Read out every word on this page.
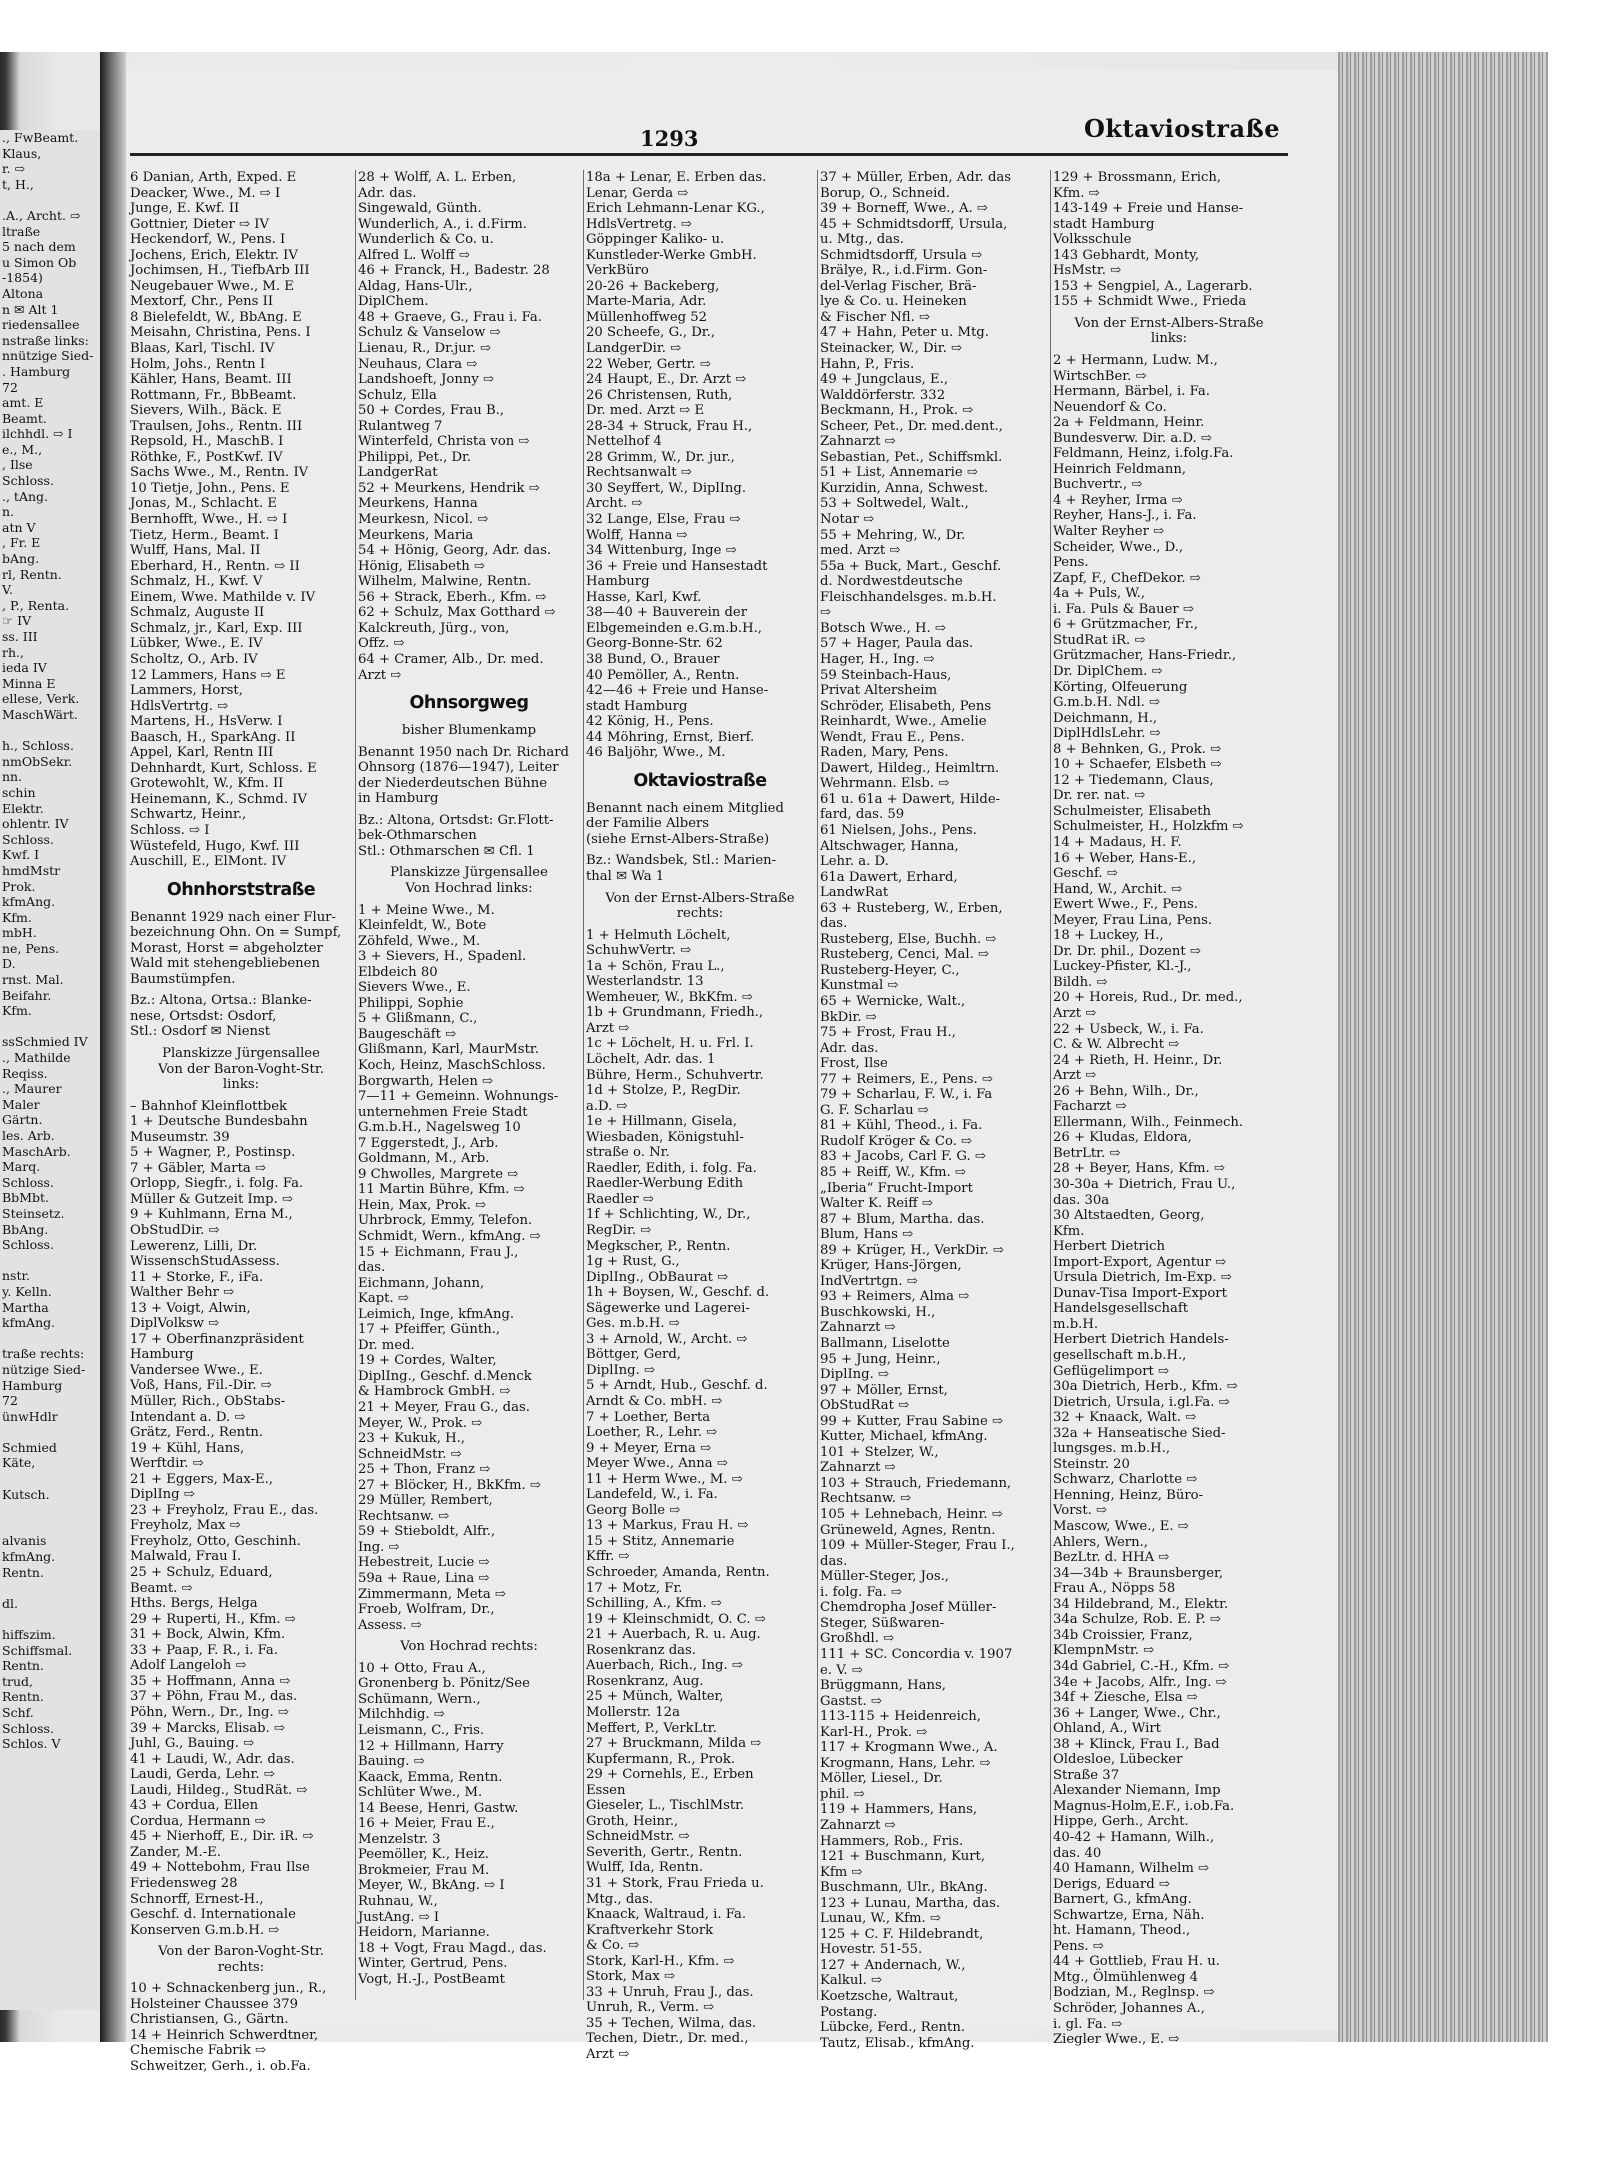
., FwBeamt.
Klaus,
r. ⇨
t, H.,

.A., Archt. ⇨
ltraße
5 nach dem
u Simon Ob
-1854)
Altona
n ✉ Alt 1
riedensallee
nstraße links:
nnützige Sied-
. Hamburg
72
amt. E
Beamt.
ilchhdl. ⇨ I
e., M.,
, Ilse
Schloss.
., tAng.
n.
atn V
, Fr. E
bAng.
rl, Rentn.
V.
, P., Renta.
☞ IV
ss. III
rh.,
ieda IV
Minna E
ellese, Verk.
MaschWärt.

h., Schloss.
nmObSekr.
nn.
schin
Elektr.
ohlentr. IV
Schloss.
Kwf. I
hmdMstr
Prok.
kfmAng.
Kfm.
mbH.
ne, Pens.
D.
rnst. Mal.
Beifahr.
Kfm.

ssSchmied IV
., Mathilde
Reqiss.
., Maurer
Maler
Gärtn.
les. Arb.
MaschArb.
Marq.
Schloss.
BbMbt.
Steinsetz.
BbAng.
Schloss.

nstr.
y. Kelln.
Martha
kfmAng.

traße rechts:
nützige Sied-
Hamburg
72
ünwHdlr

Schmied
Käte,

Kutsch.

alvanis
kfmAng.
Rentn.

dl.

hiffszim.
Schiffsmal.
Rentn.
trud,
Rentn.
Schf.
Schloss.
Schlos. V
1293	Oktaviostraße
6 Danian, Arth, Exped. E
Deacker, Wwe., M. ⇨ I
Junge, E. Kwf. II
Gottnier, Dieter ⇨ IV
Heckendorf, W., Pens. I
Jochens, Erich, Elektr. IV
Jochimsen, H., TiefbArb III
Neugebauer Wwe., M. E
Mextorf, Chr., Pens II
8 Bielefeldt, W., BbAng. E
Meisahn, Christina, Pens. I
Blaas, Karl, Tischl. IV
Holm, Johs., Rentn I
Kähler, Hans, Beamt. III
Rottmann, Fr., BbBeamt.
Sievers, Wilh., Bäck. E
Traulsen, Johs., Rentn. III
Repsold, H., MaschB. I
Röthke, F., PostKwf. IV
Sachs Wwe., M., Rentn. IV
10 Tietje, John., Pens. E
Jonas, M., Schlacht. E
Bernhofft, Wwe., H. ⇨ I
Tietz, Herm., Beamt. I
Wulff, Hans, Mal. II
Eberhard, H., Rentn. ⇨ II
Schmalz, H., Kwf. V
Einem, Wwe. Mathilde v. IV
Schmalz, Auguste II
Schmalz, jr., Karl, Exp. III
Lübker, Wwe., E. IV
Scholtz, O., Arb. IV
12 Lammers, Hans ⇨ E
Lammers, Horst,
HdlsVertrtg. ⇨
Martens, H., HsVerw. I
Baasch, H., SparkAng. II
Appel, Karl, Rentn III
Dehnhardt, Kurt, Schloss. E
Grotewohlt, W., Kfm. II
Heinemann, K., Schmd. IV
Schwartz, Heinr.,
Schloss. ⇨ I
Wüstefeld, Hugo, Kwf. III
Auschill, E., ElMont. IV
Ohnhorststraße
Benannt 1929 nach einer Flur-
bezeichnung Ohn. On = Sumpf,
Morast, Horst = abgeholzter
Wald mit stehengebliebenen
Baumstümpfen.
Bz.: Altona, Ortsa.: Blanke-
nese, Ortsdst: Osdorf,
Stl.: Osdorf ✉ Nienst
Planskizze Jürgensallee
Von der Baron-Voght-Str.
links:
– Bahnhof Kleinflottbek
1 + Deutsche Bundesbahn
Museumstr. 39
5 + Wagner, P., Postinsp.
7 + Gäbler, Marta ⇨
Orlopp, Siegfr., i. folg. Fa.
Müller & Gutzeit Imp. ⇨
9 + Kuhlmann, Erna M.,
ObStudDir. ⇨
Lewerenz, Lilli, Dr.
WissenschStudAssess.
11 + Storke, F., iFa.
Walther Behr ⇨
13 + Voigt, Alwin,
DiplVolksw ⇨
17 + Oberfinanzpräsident
Hamburg
Vandersee Wwe., E.
Voß, Hans, Fil.-Dir. ⇨
Müller, Rich., ObStabs-
Intendant a. D. ⇨
Grätz, Ferd., Rentn.
19 + Kühl, Hans,
Werftdir. ⇨
21 + Eggers, Max-E.,
DiplIng ⇨
23 + Freyholz, Frau E., das.
Freyholz, Max ⇨
Freyholz, Otto, Geschinh.
Malwald, Frau I.
25 + Schulz, Eduard,
Beamt. ⇨
Hths. Bergs, Helga
29 + Ruperti, H., Kfm. ⇨
31 + Bock, Alwin, Kfm.
33 + Paap, F. R., i. Fa.
Adolf Langeloh ⇨
35 + Hoffmann, Anna ⇨
37 + Pöhn, Frau M., das.
Pöhn, Wern., Dr., Ing. ⇨
39 + Marcks, Elisab. ⇨
Juhl, G., Bauing. ⇨
41 + Laudi, W., Adr. das.
Laudi, Gerda, Lehr. ⇨
Laudi, Hildeg., StudRät. ⇨
43 + Cordua, Ellen
Cordua, Hermann ⇨
45 + Nierhoff, E., Dir. iR. ⇨
Zander, M.-E.
49 + Nottebohm, Frau Ilse
Friedensweg 28
Schnorff, Ernest-H.,
Geschf. d. Internationale
Konserven G.m.b.H. ⇨
Von der Baron-Voght-Str.
rechts:
10 + Schnackenberg jun., R.,
Holsteiner Chaussee 379
Christiansen, G., Gärtn.
14 + Heinrich Schwerdtner,
Chemische Fabrik ⇨
Schweitzer, Gerh., i. ob.Fa.
28 + Wolff, A. L. Erben,
Adr. das.
Singewald, Günth.
Wunderlich, A., i. d.Firm.
Wunderlich & Co. u.
Alfred L. Wolff ⇨
46 + Franck, H., Badestr. 28
Aldag, Hans-Ulr.,
DiplChem.
48 + Graeve, G., Frau i. Fa.
Schulz & Vanselow ⇨
Lienau, R., Dr.jur. ⇨
Neuhaus, Clara ⇨
Landshoeft, Jonny ⇨
Schulz, Ella
50 + Cordes, Frau B.,
Rulantweg 7
Winterfeld, Christa von ⇨
Philippi, Pet., Dr.
LandgerRat
52 + Meurkens, Hendrik ⇨
Meurkens, Hanna
Meurkesn, Nicol. ⇨
Meurkens, Maria
54 + Hönig, Georg, Adr. das.
Hönig, Elisabeth ⇨
Wilhelm, Malwine, Rentn.
56 + Strack, Eberh., Kfm. ⇨
62 + Schulz, Max Gotthard ⇨
Kalckreuth, Jürg., von,
Offz. ⇨
64 + Cramer, Alb., Dr. med.
Arzt ⇨
Ohnsorgweg
bisher Blumenkamp
Benannt 1950 nach Dr. Richard
Ohnsorg (1876—1947), Leiter
der Niederdeutschen Bühne
in Hamburg
Bz.: Altona, Ortsdst: Gr.Flott-
bek-Othmarschen
Stl.: Othmarschen ✉ Cfl. 1
Planskizze Jürgensallee
Von Hochrad links:
1 + Meine Wwe., M.
Kleinfeldt, W., Bote
Zöhfeld, Wwe., M.
3 + Sievers, H., Spadenl.
Elbdeich 80
Sievers Wwe., E.
Philippi, Sophie
5 + Glißmann, C.,
Baugeschäft ⇨
Glißmann, Karl, MaurMstr.
Koch, Heinz, MaschSchloss.
Borgwarth, Helen ⇨
7—11 + Gemeinn. Wohnungs-
unternehmen Freie Stadt
G.m.b.H., Nagelsweg 10
7 Eggerstedt, J., Arb.
Goldmann, M., Arb.
9 Chwolles, Margrete ⇨
11 Martin Bühre, Kfm. ⇨
Hein, Max, Prok. ⇨
Uhrbrock, Emmy, Telefon.
Schmidt, Wern., kfmAng. ⇨
15 + Eichmann, Frau J.,
das.
Eichmann, Johann,
Kapt. ⇨
Leimich, Inge, kfmAng.
17 + Pfeiffer, Günth.,
Dr. med.
19 + Cordes, Walter,
DiplIng., Geschf. d.Menck
& Hambrock GmbH. ⇨
21 + Meyer, Frau G., das.
Meyer, W., Prok. ⇨
23 + Kukuk, H.,
SchneidMstr. ⇨
25 + Thon, Franz ⇨
27 + Blöcker, H., BkKfm. ⇨
29 Müller, Rembert,
Rechtsanw. ⇨
59 + Stieboldt, Alfr.,
Ing. ⇨
Hebestreit, Lucie ⇨
59a + Raue, Lina ⇨
Zimmermann, Meta ⇨
Froeb, Wolfram, Dr.,
Assess. ⇨
Von Hochrad rechts:
10 + Otto, Frau A.,
Gronenberg b. Pönitz/See
Schümann, Wern.,
Milchhdig. ⇨
Leismann, C., Fris.
12 + Hillmann, Harry
Bauing. ⇨
Kaack, Emma, Rentn.
Schlüter Wwe., M.
14 Beese, Henri, Gastw.
16 + Meier, Frau E.,
Menzelstr. 3
Peemöller, K., Heiz.
Brokmeier, Frau M.
Meyer, W., BkAng. ⇨ I
Ruhnau, W.,
JustAng. ⇨ I
Heidorn, Marianne.
18 + Vogt, Frau Magd., das.
Winter, Gertrud, Pens.
Vogt, H.-J., PostBeamt
18a + Lenar, E. Erben das.
Lenar, Gerda ⇨
Erich Lehmann-Lenar KG.,
HdlsVertretg. ⇨
Göppinger Kaliko- u.
Kunstleder-Werke GmbH.
VerkBüro
20-26 + Backeberg,
Marte-Maria, Adr.
Müllenhoffweg 52
20 Scheefe, G., Dr.,
LandgerDir. ⇨
22 Weber, Gertr. ⇨
24 Haupt, E., Dr. Arzt ⇨
26 Christensen, Ruth,
Dr. med. Arzt ⇨ E
28-34 + Struck, Frau H.,
Nettelhof 4
28 Grimm, W., Dr. jur.,
Rechtsanwalt ⇨
30 Seyffert, W., DiplIng.
Archt. ⇨
32 Lange, Else, Frau ⇨
Wolff, Hanna ⇨
34 Wittenburg, Inge ⇨
36 + Freie und Hansestadt
Hamburg
Hasse, Karl, Kwf.
38—40 + Bauverein der
Elbgemeinden e.G.m.b.H.,
Georg-Bonne-Str. 62
38 Bund, O., Brauer
40 Pemöller, A., Rentn.
42—46 + Freie und Hanse-
stadt Hamburg
42 König, H., Pens.
44 Möhring, Ernst, Bierf.
46 Baljöhr, Wwe., M.
Oktaviostraße
Benannt nach einem Mitglied
der Familie Albers
(siehe Ernst-Albers-Straße)
Bz.: Wandsbek, Stl.: Marien-
thal ✉ Wa 1
Von der Ernst-Albers-Straße
rechts:
1 + Helmuth Löchelt,
SchuhwVertr. ⇨
1a + Schön, Frau L.,
Westerlandstr. 13
Wemheuer, W., BkKfm. ⇨
1b + Grundmann, Friedh.,
Arzt ⇨
1c + Löchelt, H. u. Frl. I.
Löchelt, Adr. das. 1
Bühre, Herm., Schuhvertr.
1d + Stolze, P., RegDir.
a.D. ⇨
1e + Hillmann, Gisela,
Wiesbaden, Königstuhl-
straße o. Nr.
Raedler, Edith, i. folg. Fa.
Raedler-Werbung Edith
Raedler ⇨
1f + Schlichting, W., Dr.,
RegDir. ⇨
Megkscher, P., Rentn.
1g + Rust, G.,
DiplIng., ObBaurat ⇨
1h + Boysen, W., Geschf. d.
Sägewerke und Lagerei-
Ges. m.b.H. ⇨
3 + Arnold, W., Archt. ⇨
Böttger, Gerd,
DiplIng. ⇨
5 + Arndt, Hub., Geschf. d.
Arndt & Co. mbH. ⇨
7 + Loether, Berta
Loether, R., Lehr. ⇨
9 + Meyer, Erna ⇨
Meyer Wwe., Anna ⇨
11 + Herm Wwe., M. ⇨
Landefeld, W., i. Fa.
Georg Bolle ⇨
13 + Markus, Frau H. ⇨
15 + Stitz, Annemarie
Kffr. ⇨
Schroeder, Amanda, Rentn.
17 + Motz, Fr.
Schilling, A., Kfm. ⇨
19 + Kleinschmidt, O. C. ⇨
21 + Auerbach, R. u. Aug.
Rosenkranz das.
Auerbach, Rich., Ing. ⇨
Rosenkranz, Aug.
25 + Münch, Walter,
Mollerstr. 12a
Meffert, P., VerkLtr.
27 + Bruckmann, Milda ⇨
Kupfermann, R., Prok.
29 + Cornehls, E., Erben
Essen
Gieseler, L., TischlMstr.
Groth, Heinr.,
SchneidMstr. ⇨
Severith, Gertr., Rentn.
Wulff, Ida, Rentn.
31 + Stork, Frau Frieda u.
Mtg., das.
Knaack, Waltraud, i. Fa.
Kraftverkehr Stork
& Co. ⇨
Stork, Karl-H., Kfm. ⇨
Stork, Max ⇨
33 + Unruh, Frau J., das.
Unruh, R., Verm. ⇨
35 + Techen, Wilma, das.
Techen, Dietr., Dr. med.,
Arzt ⇨
37 + Müller, Erben, Adr. das
Borup, O., Schneid.
39 + Borneff, Wwe., A. ⇨
45 + Schmidtsdorff, Ursula,
u. Mtg., das.
Schmidtsdorff, Ursula ⇨
Brälye, R., i.d.Firm. Gon-
del-Verlag Fischer, Brä-
lye & Co. u. Heineken
& Fischer Nfl. ⇨
47 + Hahn, Peter u. Mtg.
Steinacker, W., Dir. ⇨
Hahn, P., Fris.
49 + Jungclaus, E.,
Walddörferstr. 332
Beckmann, H., Prok. ⇨
Scheer, Pet., Dr. med.dent.,
Zahnarzt ⇨
Sebastian, Pet., Schiffsmkl.
51 + List, Annemarie ⇨
Kurzidin, Anna, Schwest.
53 + Soltwedel, Walt.,
Notar ⇨
55 + Mehring, W., Dr.
med. Arzt ⇨
55a + Buck, Mart., Geschf.
d. Nordwestdeutsche
Fleischhandelsges. m.b.H.
⇨
Botsch Wwe., H. ⇨
57 + Hager, Paula das.
Hager, H., Ing. ⇨
59 Steinbach-Haus,
Privat Altersheim
Schröder, Elisabeth, Pens
Reinhardt, Wwe., Amelie
Wendt, Frau E., Pens.
Raden, Mary, Pens.
Dawert, Hildeg., Heimltrn.
Wehrmann. Elsb. ⇨
61 u. 61a + Dawert, Hilde-
fard, das. 59
61 Nielsen, Johs., Pens.
Altschwager, Hanna,
Lehr. a. D.
61a Dawert, Erhard,
LandwRat
63 + Rusteberg, W., Erben,
das.
Rusteberg, Else, Buchh. ⇨
Rusteberg, Cenci, Mal. ⇨
Rusteberg-Heyer, C.,
Kunstmal ⇨
65 + Wernicke, Walt.,
BkDir. ⇨
75 + Frost, Frau H.,
Adr. das.
Frost, Ilse
77 + Reimers, E., Pens. ⇨
79 + Scharlau, F. W., i. Fa
G. F. Scharlau ⇨
81 + Kühl, Theod., i. Fa.
Rudolf Kröger & Co. ⇨
83 + Jacobs, Carl F. G. ⇨
85 + Reiff, W., Kfm. ⇨
„Iberia“ Frucht-Import
Walter K. Reiff ⇨
87 + Blum, Martha. das.
Blum, Hans ⇨
89 + Krüger, H., VerkDir. ⇨
Krüger, Hans-Jörgen,
IndVertrtgn. ⇨
93 + Reimers, Alma ⇨
Buschkowski, H.,
Zahnarzt ⇨
Ballmann, Liselotte
95 + Jung, Heinr.,
DiplIng. ⇨
97 + Möller, Ernst,
ObStudRat ⇨
99 + Kutter, Frau Sabine ⇨
Kutter, Michael, kfmAng.
101 + Stelzer, W.,
Zahnarzt ⇨
103 + Strauch, Friedemann,
Rechtsanw. ⇨
105 + Lehnebach, Heinr. ⇨
Grüneweld, Agnes, Rentn.
109 + Müller-Steger, Frau I.,
das.
Müller-Steger, Jos.,
i. folg. Fa. ⇨
Chemdropha Josef Müller-
Steger, Süßwaren-
Großhdl. ⇨
111 + SC. Concordia v. 1907
e. V. ⇨
Brüggmann, Hans,
Gastst. ⇨
113-115 + Heidenreich,
Karl-H., Prok. ⇨
117 + Krogmann Wwe., A.
Krogmann, Hans, Lehr. ⇨
Möller, Liesel., Dr.
phil. ⇨
119 + Hammers, Hans,
Zahnarzt ⇨
Hammers, Rob., Fris.
121 + Buschmann, Kurt,
Kfm ⇨
Buschmann, Ulr., BkAng.
123 + Lunau, Martha, das.
Lunau, W., Kfm. ⇨
125 + C. F. Hildebrandt,
Hovestr. 51-55.
127 + Andernach, W.,
Kalkul. ⇨
Koetzsche, Waltraut,
Postang.
Lübcke, Ferd., Rentn.
Tautz, Elisab., kfmAng.
129 + Brossmann, Erich,
Kfm. ⇨
143-149 + Freie und Hanse-
stadt Hamburg
Volksschule
143 Gebhardt, Monty,
HsMstr. ⇨
153 + Sengpiel, A., Lagerarb.
155 + Schmidt Wwe., Frieda
Von der Ernst-Albers-Straße
links:
2 + Hermann, Ludw. M.,
WirtschBer. ⇨
Hermann, Bärbel, i. Fa.
Neuendorf & Co.
2a + Feldmann, Heinr.
Bundesverw. Dir. a.D. ⇨
Feldmann, Heinz, i.folg.Fa.
Heinrich Feldmann,
Buchvertr., ⇨
4 + Reyher, Irma ⇨
Reyher, Hans-J., i. Fa.
Walter Reyher ⇨
Scheider, Wwe., D.,
Pens.
Zapf, F., ChefDekor. ⇨
4a + Puls, W.,
i. Fa. Puls & Bauer ⇨
6 + Grützmacher, Fr.,
StudRat iR. ⇨
Grützmacher, Hans-Friedr.,
Dr. DiplChem. ⇨
Körting, Olfeuerung
G.m.b.H. Ndl. ⇨
Deichmann, H.,
DiplHdlsLehr. ⇨
8 + Behnken, G., Prok. ⇨
10 + Schaefer, Elsbeth ⇨
12 + Tiedemann, Claus,
Dr. rer. nat. ⇨
Schulmeister, Elisabeth
Schulmeister, H., Holzkfm ⇨
14 + Madaus, H. F.
16 + Weber, Hans-E.,
Geschf. ⇨
Hand, W., Archit. ⇨
Ewert Wwe., F., Pens.
Meyer, Frau Lina, Pens.
18 + Luckey, H.,
Dr. Dr. phil., Dozent ⇨
Luckey-Pfister, Kl.-J.,
Bildh. ⇨
20 + Horeis, Rud., Dr. med.,
Arzt ⇨
22 + Usbeck, W., i. Fa.
C. & W. Albrecht ⇨
24 + Rieth, H. Heinr., Dr.
Arzt ⇨
26 + Behn, Wilh., Dr.,
Facharzt ⇨
Ellermann, Wilh., Feinmech.
26 + Kludas, Eldora,
BetrLtr. ⇨
28 + Beyer, Hans, Kfm. ⇨
30-30a + Dietrich, Frau U.,
das. 30a
30 Altstaedten, Georg,
Kfm.
Herbert Dietrich
Import-Export, Agentur ⇨
Ursula Dietrich, Im-Exp. ⇨
Dunav-Tisa Import-Export
Handelsgesellschaft
m.b.H.
Herbert Dietrich Handels-
gesellschaft m.b.H.,
Geflügelimport ⇨
30a Dietrich, Herb., Kfm. ⇨
Dietrich, Ursula, i.gl.Fa. ⇨
32 + Knaack, Walt. ⇨
32a + Hanseatische Sied-
lungsges. m.b.H.,
Steinstr. 20
Schwarz, Charlotte ⇨
Henning, Heinz, Büro-
Vorst. ⇨
Mascow, Wwe., E. ⇨
Ahlers, Wern.,
BezLtr. d. HHA ⇨
34—34b + Braunsberger,
Frau A., Nöpps 58
34 Hildebrand, M., Elektr.
34a Schulze, Rob. E. P. ⇨
34b Croissier, Franz,
KlempnMstr. ⇨
34d Gabriel, C.-H., Kfm. ⇨
34e + Jacobs, Alfr., Ing. ⇨
34f + Ziesche, Elsa ⇨
36 + Langer, Wwe., Chr.,
Ohland, A., Wirt
38 + Klinck, Frau I., Bad
Oldesloe, Lübecker
Straße 37
Alexander Niemann, Imp
Magnus-Holm,E.F., i.ob.Fa.
Hippe, Gerh., Archt.
40-42 + Hamann, Wilh.,
das. 40
40 Hamann, Wilhelm ⇨
Derigs, Eduard ⇨
Barnert, G., kfmAng.
Schwartze, Erna, Näh.
ht. Hamann, Theod.,
Pens. ⇨
44 + Gottlieb, Frau H. u.
Mtg., Ölmühlenweg 4
Bodzian, M., Reglnsp. ⇨
Schröder, Johannes A.,
i. gl. Fa. ⇨
Ziegler Wwe., E. ⇨
